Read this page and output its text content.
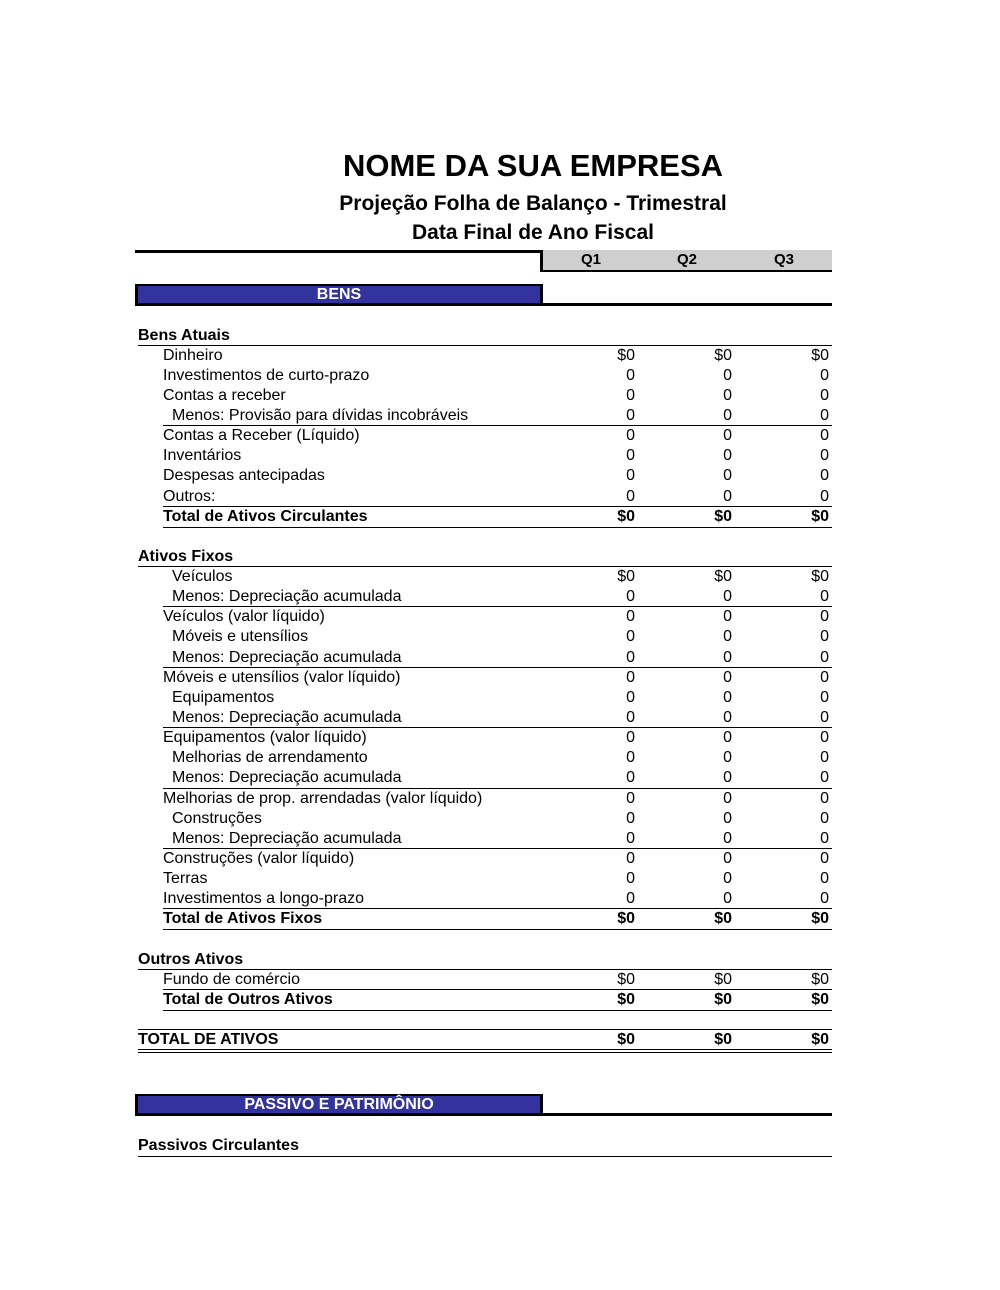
NOME DA SUA EMPRESA
Projeção Folha de Balanço - Trimestral
Data Final de Ano Fiscal
Q1	Q2	Q3
BENS
Bens Atuais
Dinheiro	$0	$0	$0
Investimentos de curto-prazo	0	0	0
Contas a receber	0	0	0
Menos: Provisão para dívidas incobráveis	0	0	0
Contas a Receber (Líquido)	0	0	0
Inventários	0	0	0
Despesas antecipadas	0	0	0
Outros:	0	0	0
Total de Ativos Circulantes	$0	$0	$0
Ativos Fixos
Veículos	$0	$0	$0
Menos: Depreciação acumulada	0	0	0
Veículos (valor líquido)	0	0	0
Móveis e utensílios	0	0	0
Menos: Depreciação acumulada	0	0	0
Móveis e utensílios (valor líquido)	0	0	0
Equipamentos	0	0	0
Menos: Depreciação acumulada	0	0	0
Equipamentos (valor líquido)	0	0	0
Melhorias de arrendamento	0	0	0
Menos: Depreciação acumulada	0	0	0
Melhorias de prop. arrendadas (valor líquido)	0	0	0
Construções	0	0	0
Menos: Depreciação acumulada	0	0	0
Construções (valor líquido)	0	0	0
Terras	0	0	0
Investimentos a longo-prazo	0	0	0
Total de Ativos Fixos	$0	$0	$0
Outros Ativos
Fundo de comércio	$0	$0	$0
Total de Outros Ativos	$0	$0	$0
TOTAL DE ATIVOS	$0	$0	$0
Passivos Circulantes
PASSIVO E PATRIMÔNIO
